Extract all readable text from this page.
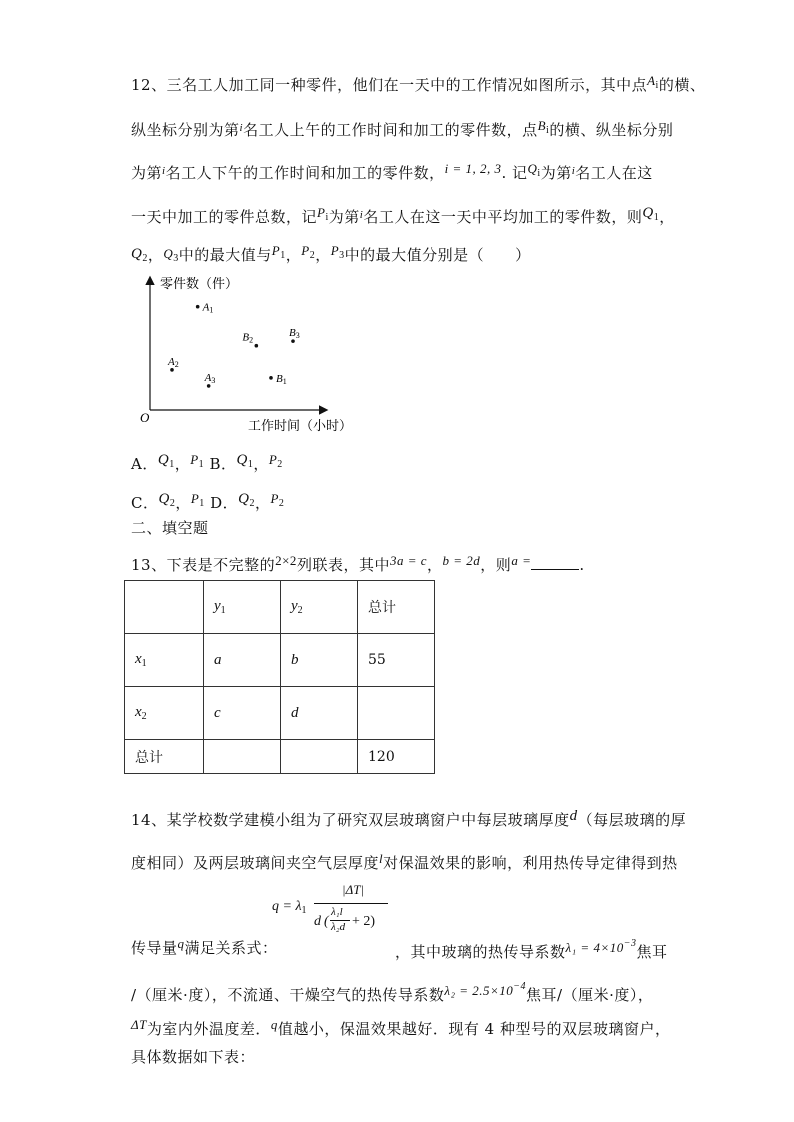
12、三名工人加工同一种零件，他们在一天中的工作情况如图所示，其中点$A_i$的横、
纵坐标分别为第$^i$名工人上午的工作时间和加工的零件数，点$B_i$的横、纵坐标分别
为第$^i$名工人下午的工作时间和加工的零件数，i = 1, 2, 3. 记$Q_i$为第$^i$名工人在这
一天中加工的零件总数，记$P_i$为第$^i$名工人在这一天中平均加工的零件数，则$Q_1$，
$Q_2$，$Q_3$中的最大值与$P_1$，$P_2$，$P_3$中的最大值分别是（　　）
零件数（件）
工作时间（小时）
O
A1
A2
A3	B1
B2
B3
A．$Q_1$，$P_1$ B．$Q_1$，$P_2$
C．$Q_2$，$P_1$ D．$Q_2$，$P_2$
二、填空题
13、下表是不完整的2×2列联表，其中3a = c，b = 2d，则a =	.
	$y_1$	$y_2$	总计
$x_1$	a	b	55
$x_2$	c	d	
总计			120
14、某学校数学建模小组为了研究双层玻璃窗户中每层玻璃厚度d（每层玻璃的厚
度相同）及两层玻璃间夹空气层厚度l对保温效果的影响，利用热传导定律得到热
$q = \lambda_1$
|ΔT|
d (
λ₁l
λ₂d + 2)
传导量q满足关系式：	，其中玻璃的热传导系数$\lambda_1 = 4\times 10^{-3}$焦耳
/（厘米·度），不流通、干燥空气的热传导系数$\lambda_2 = 2.5\times 10^{-4}$焦耳/（厘米·度），
ΔT为室内外温度差．q值越小，保温效果越好．现有 4 种型号的双层玻璃窗户，
具体数据如下表：
